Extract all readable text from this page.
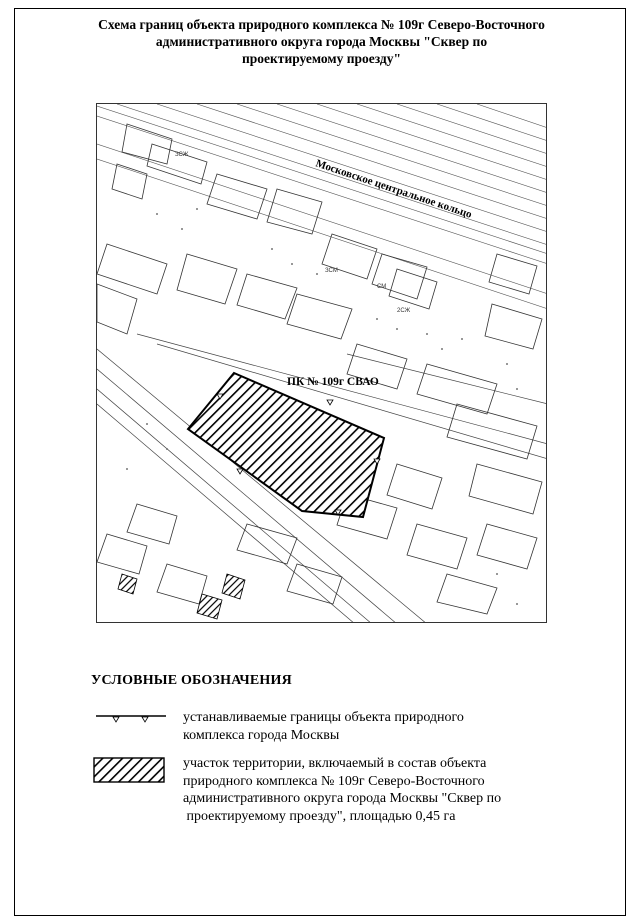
Схема границ объекта природного комплекса № 109г Северо-Восточного
административного округа города Москвы "Сквер по
проектируемому проезду"
ЗСЖ
ЗСМ
СМ
2СЖ
Московское центральное кольцо
ПК № 109г СВАО
УСЛОВНЫЕ ОБОЗНАЧЕНИЯ
устанавливаемые границы объекта природного
комплекса города Москвы
участок территории, включаемый в состав объекта
природного комплекса № 109г Северо-Восточного
административного округа города Москвы "Сквер по
проектируемому проезду", площадью 0,45 га
